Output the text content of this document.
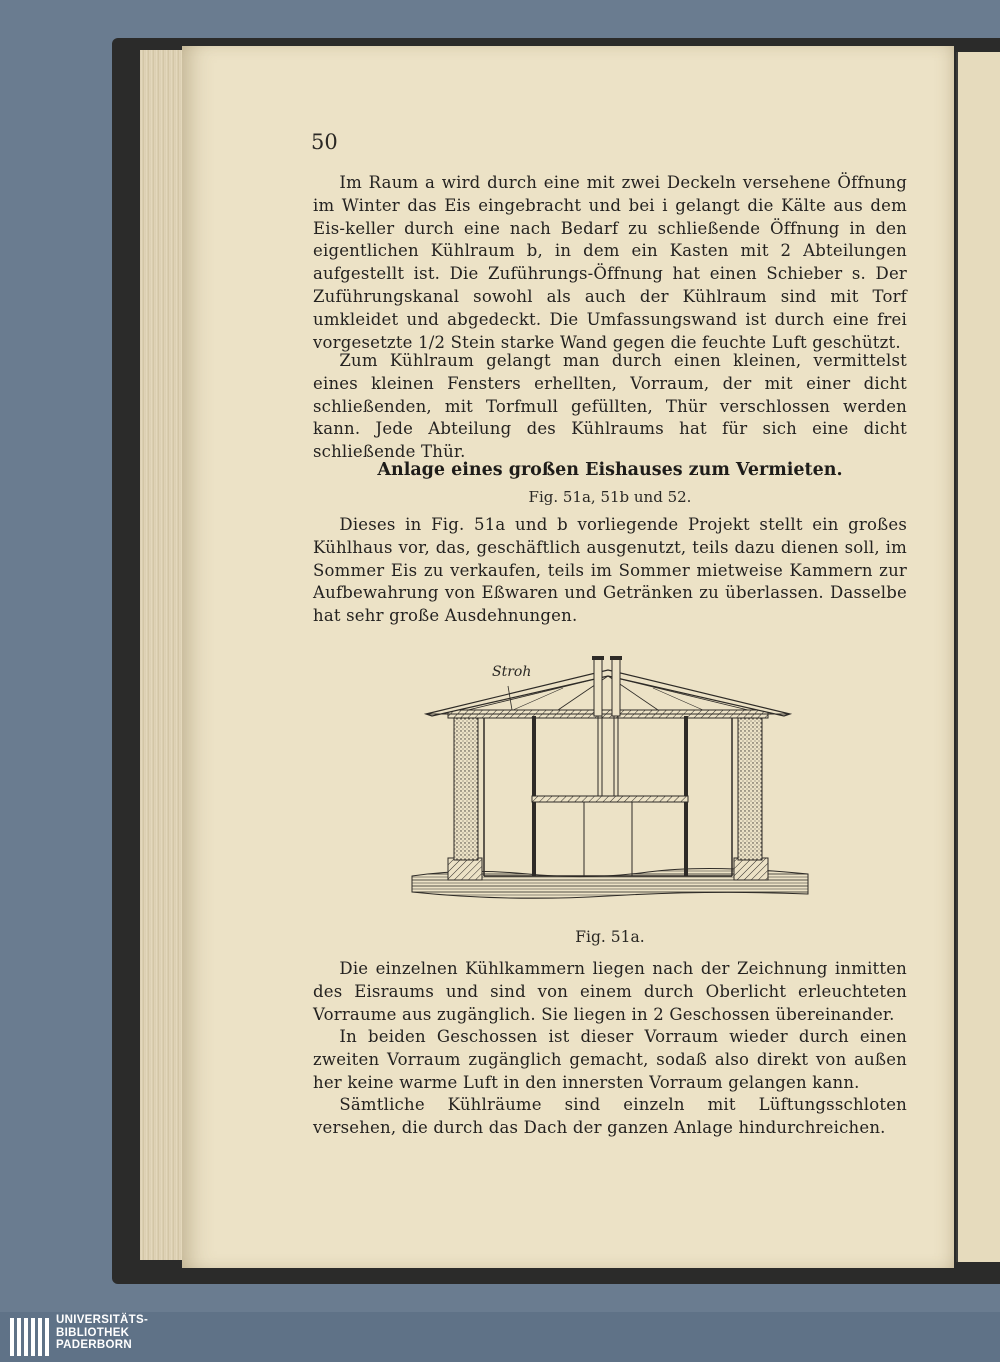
50
Im Raum a wird durch eine mit zwei Deckeln versehene Öffnung im Winter das Eis eingebracht und bei i gelangt die Kälte aus dem Eis-keller durch eine nach Bedarf zu schließende Öffnung in den eigentlichen Kühlraum b, in dem ein Kasten mit 2 Abteilungen aufgestellt ist. Die Zuführungs-Öffnung hat einen Schieber s. Der Zuführungskanal sowohl als auch der Kühlraum sind mit Torf umkleidet und abgedeckt. Die Umfassungswand ist durch eine frei vorgesetzte 1/2 Stein starke Wand gegen die feuchte Luft geschützt.
Zum Kühlraum gelangt man durch einen kleinen, vermittelst eines kleinen Fensters erhellten, Vorraum, der mit einer dicht schließenden, mit Torfmull gefüllten, Thür verschlossen werden kann. Jede Abteilung des Kühlraums hat für sich eine dicht schließende Thür.
Anlage eines großen Eishauses zum Vermieten.
Fig. 51a, 51b und 52.
Dieses in Fig. 51a und b vorliegende Projekt stellt ein großes Kühlhaus vor, das, geschäftlich ausgenutzt, teils dazu dienen soll, im Sommer Eis zu verkaufen, teils im Sommer mietweise Kammern zur Aufbewahrung von Eßwaren und Getränken zu überlassen. Dasselbe hat sehr große Ausdehnungen.
Stroh
Fig. 51a.
Die einzelnen Kühlkammern liegen nach der Zeichnung inmitten des Eisraums und sind von einem durch Oberlicht erleuchteten Vorraume aus zugänglich. Sie liegen in 2 Geschossen übereinander.
In beiden Geschossen ist dieser Vorraum wieder durch einen zweiten Vorraum zugänglich gemacht, sodaß also direkt von außen her keine warme Luft in den innersten Vorraum gelangen kann.
Sämtliche Kühlräume sind einzeln mit Lüftungsschloten versehen, die durch das Dach der ganzen Anlage hindurchreichen.
UNIVERSITÄTS-
BIBLIOTHEK
PADERBORN
